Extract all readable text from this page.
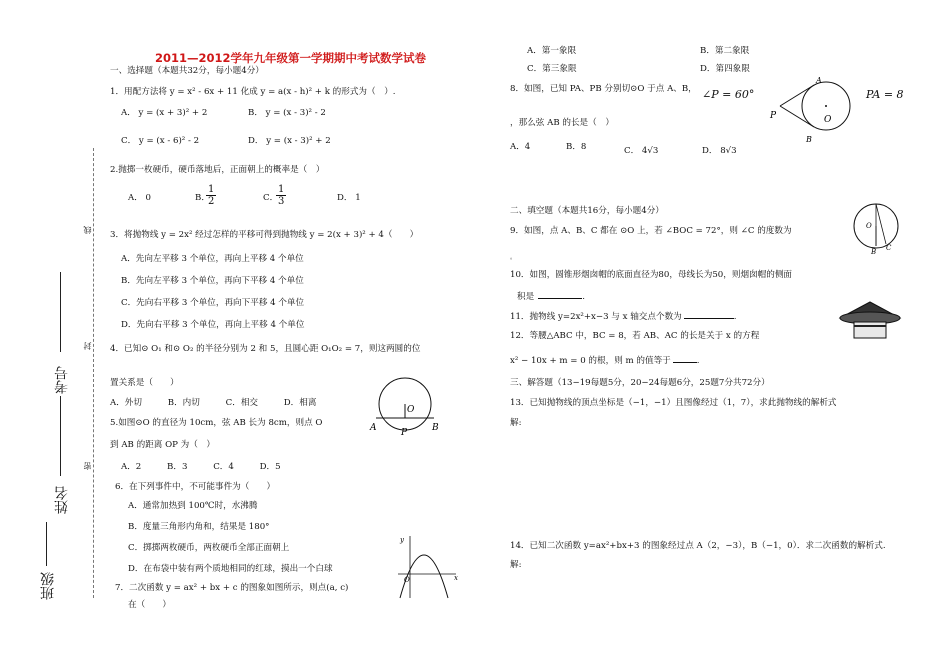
2011—2012学年九年级第一学期期中考试数学试卷
线
封
密
考号
姓名
班级
一、选择题（本题共32分，每小题4分）
1．用配方法将 y = x² - 6x + 11 化成 y = a(x - h)² + k 的形式为（　）.
A． y = (x + 3)² + 2	B． y = (x - 3)² - 2
C． y = (x - 6)² - 2	D． y = (x - 3)² + 2
2.抛掷一枚硬币，硬币落地后，正面朝上的概率是（　）
A． 0	B．
$\frac{1}{2}$	C．
$\frac{1}{3}$	D． 1
3．将抛物线 y = 2x² 经过怎样的平移可得到抛物线 y = 2(x + 3)² + 4（　　）
A．先向左平移 3 个单位，再向上平移 4 个单位
B．先向左平移 3 个单位，再向下平移 4 个单位
C．先向右平移 3 个单位，再向下平移 4 个单位
D．先向右平移 3 个单位，再向上平移 4 个单位
4．已知⊙ O₁ 和⊙ O₂ 的半径分别为 2 和 5，且圆心距 O₁O₂ = 7，则这两圆的位
置关系是（　　）
A．外切　　　B．内切　　　C．相交　　　D．相离
5.如图⊙O 的直径为 10cm，弦 AB 长为 8cm，则点 O
到 AB 的距离 OP 为（　）
A．2　　　B．3　　　C．4　　　D．5
6．在下列事件中，不可能事件为（　　）
A．通常加热到 100℃时，水沸腾
B．度量三角形内角和，结果是 180°
C．掷掷两枚硬币，两枚硬币全部正面朝上
D．在布袋中装有两个质地相同的红球，摸出一个白球
7．二次函数 y = ax² + bx + c 的图象如图所示，则点(a, c)
在（　　）
O
A	P	B
y
O	x
A．第一象限	B．第二象限
C．第三象限	D．第四象限
8．如图，已知 PA、PB 分别切⊙O 于点 A、B， ∠P = 60°	PA = 8
，那么弦 AB 的长是（　）
A．4	B．8	C． 4√3	D． 8√3
A
P	O
B
二、填空题（本题共16分，每小题4分）
9．如图，点 A、B、C 都在 ⊙O 上，若 ∠BOC = 72°，则 ∠C 的度数为
。
O
B C
10．如图，圆锥形烟囱帽的底面直径为80，母线长为50，则烟囱帽的侧面
积是	.
11．抛物线 y=2x²+x−3 与 x 轴交点个数为	.
12．等腰△ABC 中，BC = 8，若 AB、AC 的长是关于 x 的方程
x² − 10x + m = 0 的根，则 m 的值等于	.
三、解答题（13−19每题5分，20−24每题6分，25题7分共72分）
13．已知抛物线的顶点坐标是（−1，−1）且图像经过（1，7），求此抛物线的解析式
解:
14．已知二次函数 y=ax²+bx+3 的图象经过点 A（2，−3），B（−1，0）．求二次函数的解析式.
解:
